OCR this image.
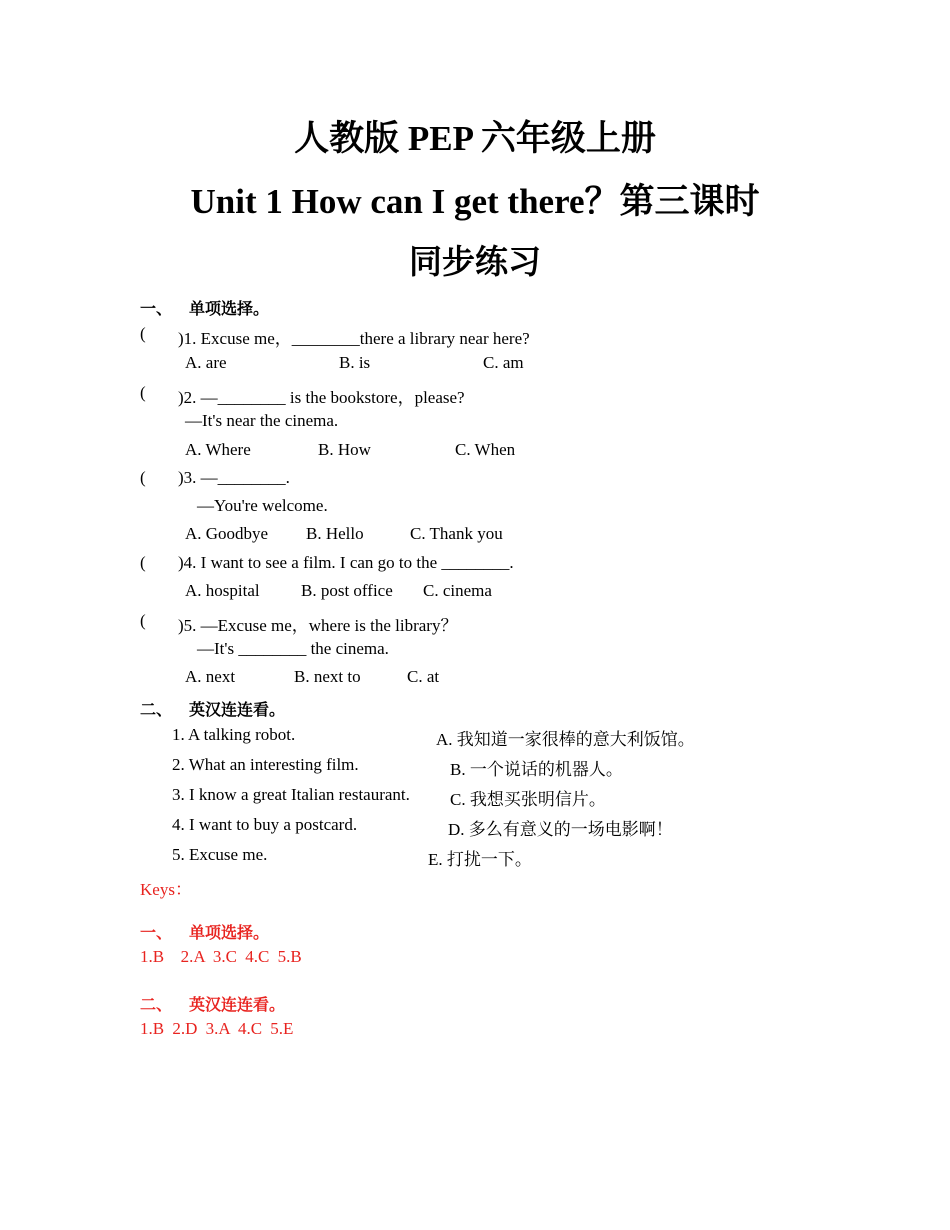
人教版 PEP 六年级上册
Unit 1 How can I get there？第三课时
同步练习
一、 单项选择。
( )1. Excuse me，________there a library near here?
A. are	B. is	C. am
( )2. —________ is the bookstore，please?
—It's near the cinema.
A. Where	B. How	C. When
( )3. —________.
—You're welcome.
A. Goodbye B. Hello	C. Thank you
( )4. I want to see a film. I can go to the ________.
A. hospital B. post office C. cinema
( )5. —Excuse me，where is the library？
—It's ________ the cinema.
A. next	B. next to	C. at
二、 英汉连连看。
1. A talking robot.	A. 我知道一家很棒的意大利饭馆。
2. What an interesting film.	B. 一个说话的机器人。
3. I know a great Italian restaurant. C. 我想买张明信片。
4. I want to buy a postcard.	D. 多么有意义的一场电影啊！
5. Excuse me.	E. 打扰一下。
Keys：
一、 单项选择。
1.B  2.A 3.C 4.C 5.B
二、 英汉连连看。
1.B 2.D 3.A 4.C 5.E
